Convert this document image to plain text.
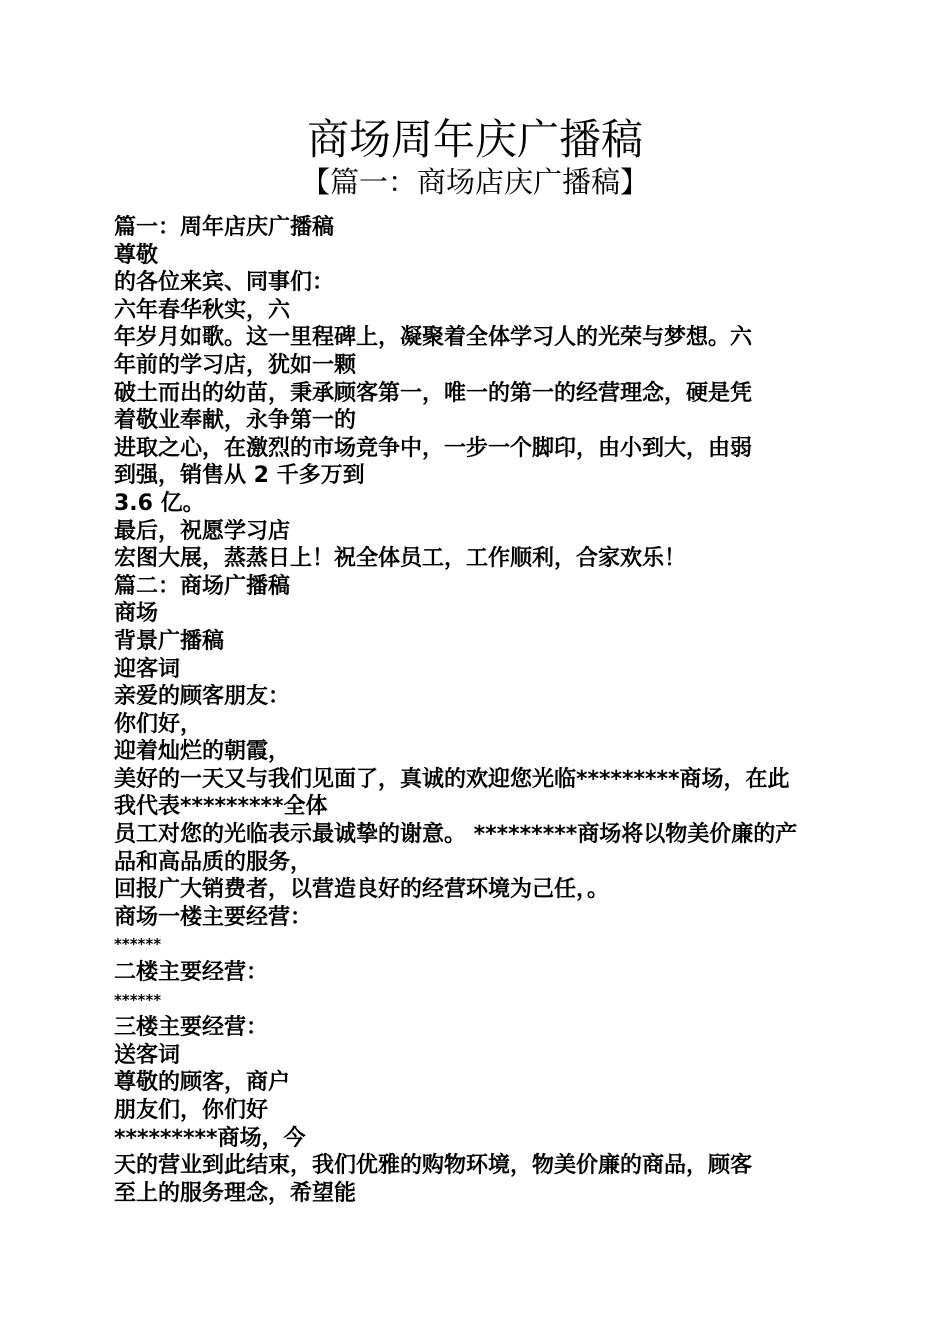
商场周年庆广播稿
【篇一：商场店庆广播稿】
篇一：周年店庆广播稿
尊敬
的各位来宾、同事们：
六年春华秋实，六
年岁月如歌。这一里程碑上，凝聚着全体学习人的光荣与梦想。六
年前的学习店，犹如一颗
破土而出的幼苗，秉承顾客第一，唯一的第一的经营理念，硬是凭
着敬业奉献，永争第一的
进取之心，在激烈的市场竞争中，一步一个脚印，由小到大，由弱
到强，销售从 2 千多万到
3.6 亿。
最后，祝愿学习店
宏图大展，蒸蒸日上！祝全体员工，工作顺利，合家欢乐！
篇二：商场广播稿
商场
背景广播稿
迎客词
亲爱的顾客朋友：
你们好，
迎着灿烂的朝霞，
美好的一天又与我们见面了，真诚的欢迎您光临*********商场，在此
我代表*********全体
员工对您的光临表示最诚挚的谢意。 *********商场将以物美价廉的产
品和高品质的服务，
回报广大销费者，以营造良好的经营环境为己任，。
商场一楼主要经营：
******
二楼主要经营：
******
三楼主要经营：
送客词
尊敬的顾客，商户
朋友们，你们好
*********商场，今
天的营业到此结束，我们优雅的购物环境，物美价廉的商品，顾客
至上的服务理念，希望能
